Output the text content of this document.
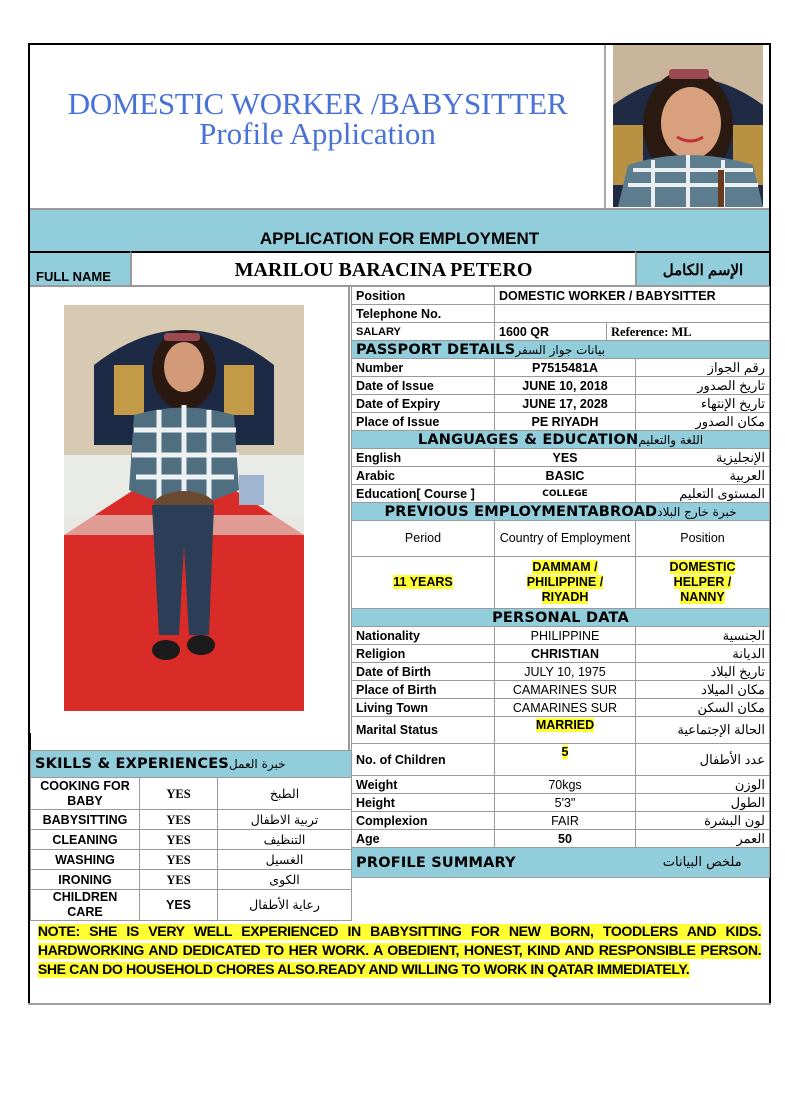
DOMESTIC WORKER /BABYSITTER
Profile Application
APPLICATION FOR EMPLOYMENT
FULL NAME	MARILOU BARACINA PETERO	الإسم الكامل
Position	DOMESTIC WORKER / BABYSITTER	
Telephone No.		
SALARY	1600 QR	Reference: ML
PASSPORT DETAILSبيانات جواز السفر		
Number	P7515481A	رقم الجواز
Date of Issue	JUNE 10, 2018	تاريخ الصدور
Date of Expiry	JUNE 17, 2028	تاريخ الإنتهاء
Place of Issue	PE RIYADH	مكان الصدور
LANGUAGES & EDUCATIONاللغة والتعليم		
English	YES	الإنجليزية
Arabic	BASIC	العربية
Education[ Course ]	COLLEGE	المستوى التعليم
PREVIOUS EMPLOYMENTABROADخبرة خارج البلاد		
Period	Country of Employment	Position
11 YEARS	DAMMAM / PHILIPPINE / RIYADH	DOMESTIC HELPER / NANNY
PERSONAL DATA		
Nationality	PHILIPPINE	الجنسية
Religion	CHRISTIAN	الديانة
Date of Birth	JULY 10, 1975	تاريخ البلاد
Place of Birth	CAMARINES SUR	مكان الميلاد
Living Town	CAMARINES SUR	مكان السكن
Marital Status	MARRIED	الحالة الإجتماعية
No. of Children	5	عدد الأطفال
Weight	70kgs	الوزن
Height	5'3"	الطول
Complexion	FAIR	لون البشرة
Age	50	العمر
PROFILE SUMMARY		ملخص البيانات
SKILLS & EXPERIENCESخبرة العمل		
COOKING FOR BABY	YES	الطبخ
BABYSITTING	YES	تربية الاطفال
CLEANING	YES	التنظيف
WASHING	YES	الغسيل
IRONING	YES	الكوى
CHILDREN CARE	YES	رعاية الأطفال
NOTE: SHE IS VERY WELL EXPERIENCED IN BABYSITTING FOR NEW BORN, TOODLERS AND KIDS. HARDWORKING AND DEDICATED TO HER WORK. A OBEDIENT, HONEST, KIND AND RESPONSIBLE PERSON. SHE CAN DO HOUSEHOLD CHORES ALSO.READY AND WILLING TO WORK IN QATAR IMMEDIATELY.
